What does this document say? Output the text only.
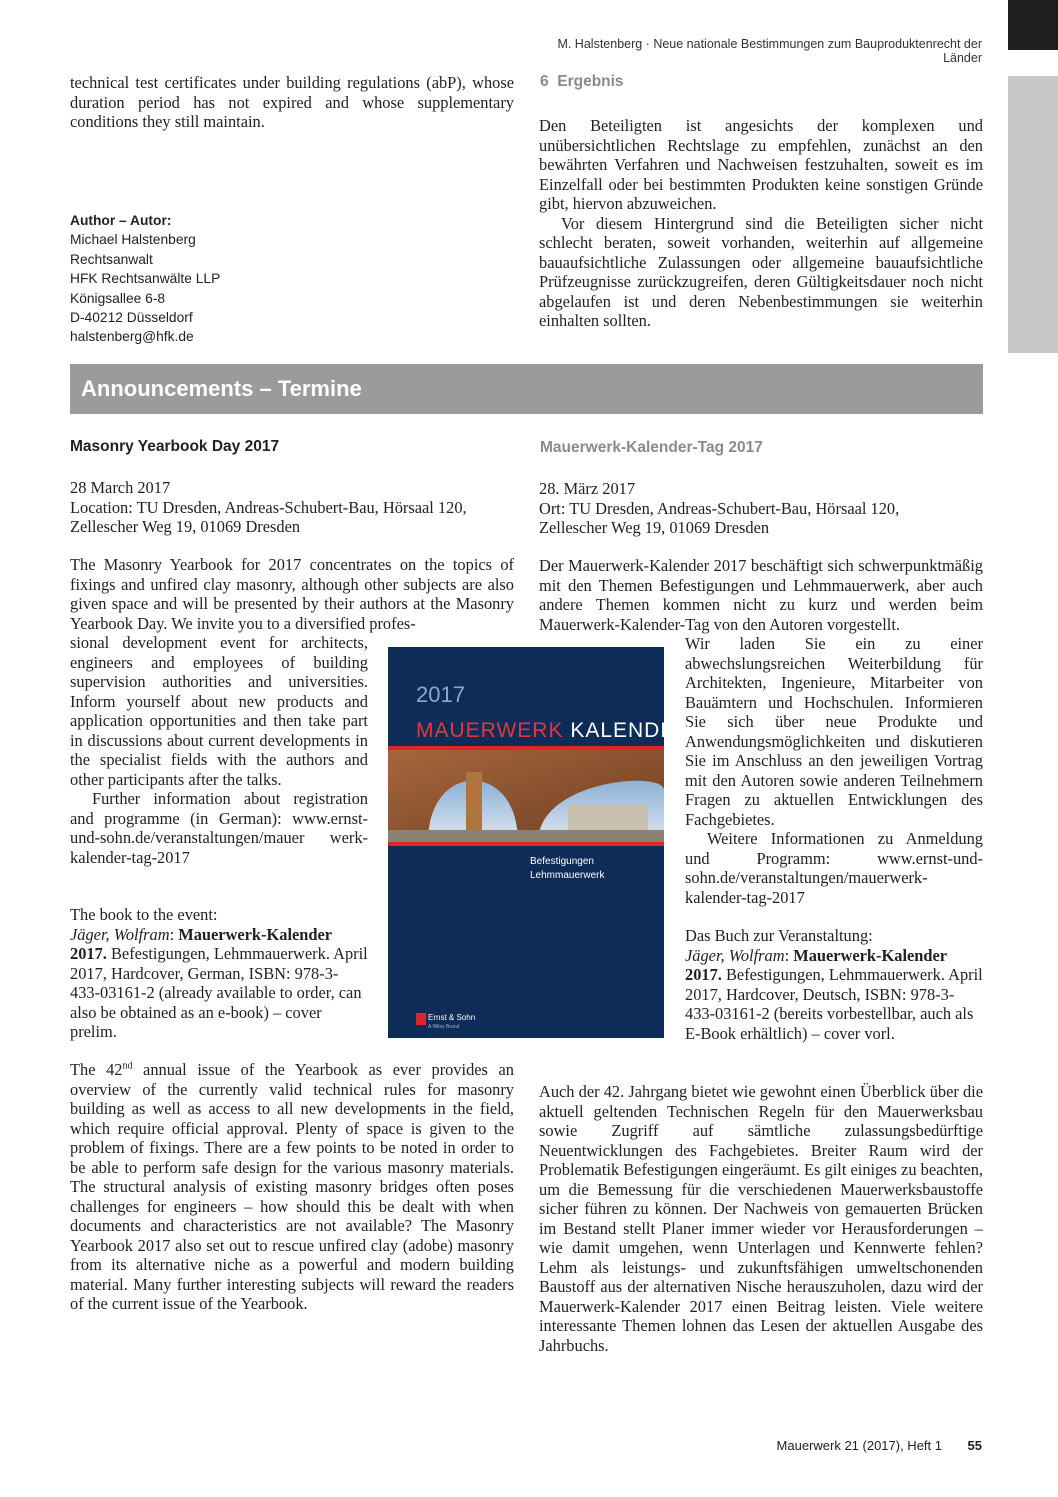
M. Halstenberg · Neue nationale Bestimmungen zum Bauproduktenrecht der Länder
technical test certificates under building regulations (abP), whose duration period has not expired and whose supplementary conditions they still maintain.

Author – Autor:

Michael Halstenberg

Rechtsanwalt

HFK Rechtsanwälte LLP

Königsallee 6-8

D-40212 Düsseldorf

halstenberg@hfk.de

6  Ergebnis

Den Beteiligten ist angesichts der komplexen und unübersichtlichen Rechtslage zu empfehlen, zunächst an den bewährten Verfahren und Nachweisen festzuhalten, soweit es im Einzelfall oder bei bestimmten Produkten keine sonstigen Gründe gibt, hiervon abzuweichen.

Vor diesem Hintergrund sind die Beteiligten sicher nicht schlecht beraten, soweit vorhanden, weiterhin auf allgemeine bauaufsichtliche Zulassungen oder allgemeine bauaufsichtliche Prüfzeugnisse zurückzugreifen, deren Gültigkeitsdauer noch nicht abgelaufen ist und deren Nebenbestimmungen sie weiterhin einhalten sollten.

Announcements – Termine
Masonry Yearbook Day 2017

28 March 2017

Location: TU Dresden, Andreas-Schubert-Bau, Hörsaal 120,

Zellescher Weg 19, 01069 Dresden

The Masonry Yearbook for 2017 concentrates on the topics of fixings and unfired clay masonry, although other subjects are also given space and will be presented by their authors at the Masonry Yearbook Day. We invite you to a diversified profes-

sional development event for architects, engineers and employees of building supervision authorities and universities. Inform yourself about new products and application opportunities and then take part in discussions about current developments in the specialist fields with the authors and other participants after the talks.

Further information about registration and programme (in German): www.ernst-und-sohn.de/veranstaltungen/mauer werk-kalender-tag-2017

The book to the event:

Jäger, Wolfram: Mauerwerk-Kalender 2017. Befestigungen, Lehmmauerwerk. April 2017, Hardcover, German, ISBN: 978-3-433-03161-2 (already available to order, can also be obtained as an e-book) – cover prelim.

The 42nd annual issue of the Yearbook as ever provides an overview of the currently valid technical rules for masonry building as well as access to all new developments in the field, which require official approval. Plenty of space is given to the problem of fixings. There are a few points to be noted in order to be able to perform safe design for the various masonry materials. The structural analysis of existing masonry bridges often poses challenges for engineers – how should this be dealt with when documents and characteristics are not available? The Masonry Yearbook 2017 also set out to rescue unfired clay (adobe) masonry from its alternative niche as a powerful and modern building material. Many further interesting subjects will reward the readers of the current issue of the Yearbook.
Mauerwerk-Kalender-Tag 2017

28. März 2017

Ort: TU Dresden, Andreas-Schubert-Bau, Hörsaal 120,

Zellescher Weg 19, 01069 Dresden

Der Mauerwerk-Kalender 2017 beschäftigt sich schwerpunktmäßig mit den Themen Befestigungen und Lehmmauerwerk, aber auch andere Themen kommen nicht zu kurz und werden beim Mauerwerk-Kalender-Tag von den Autoren vorgestellt.

Wir laden Sie ein zu einer abwechslungsreichen Weiterbildung für Architekten, Ingenieure, Mitarbeiter von Bauämtern und Hochschulen. Informieren Sie sich über neue Produkte und Anwendungsmöglichkeiten und diskutieren Sie im Anschluss an den jeweiligen Vortrag mit den Autoren sowie anderen Teilnehmern Fragen zu aktuellen Entwicklungen des Fachgebietes.

Weitere Informationen zu Anmeldung und Programm: www.ernst-und-sohn.de/veranstaltungen/mauerwerk-kalender-tag-2017

Das Buch zur Veranstaltung:

Jäger, Wolfram: Mauerwerk-Kalender 2017. Befestigungen, Lehmmauerwerk. April 2017, Hardcover, Deutsch, ISBN: 978-3-433-03161-2 (bereits vorbestellbar, auch als E-Book erhältlich) – cover vorl.

Auch der 42. Jahrgang bietet wie gewohnt einen Überblick über die aktuell geltenden Technischen Regeln für den Mauerwerksbau sowie Zugriff auf sämtliche zulassungsbedürftige Neuentwicklungen des Fachgebietes. Breiter Raum wird der Problematik Befestigungen eingeräumt. Es gilt einiges zu beachten, um die Bemessung für die verschiedenen Mauerwerksbaustoffe sicher führen zu können. Der Nachweis von gemauerten Brücken im Bestand stellt Planer immer wieder vor Herausforderungen – wie damit umgehen, wenn Unterlagen und Kennwerte fehlen? Lehm als leistungs- und zukunftsfähigen umweltschonenden Baustoff aus der alternativen Nische herauszuholen, dazu wird der Mauerwerk-Kalender 2017 einen Beitrag leisten. Viele weitere interessante Themen lohnen das Lesen der aktuellen Ausgabe des Jahrbuchs.
2017
MAUERWERK KALENDER
Befestigungen
Lehmmauerwerk
Ernst & Sohn
A Wiley Brand
Mauerwerk 21 (2017), Heft 1	55
